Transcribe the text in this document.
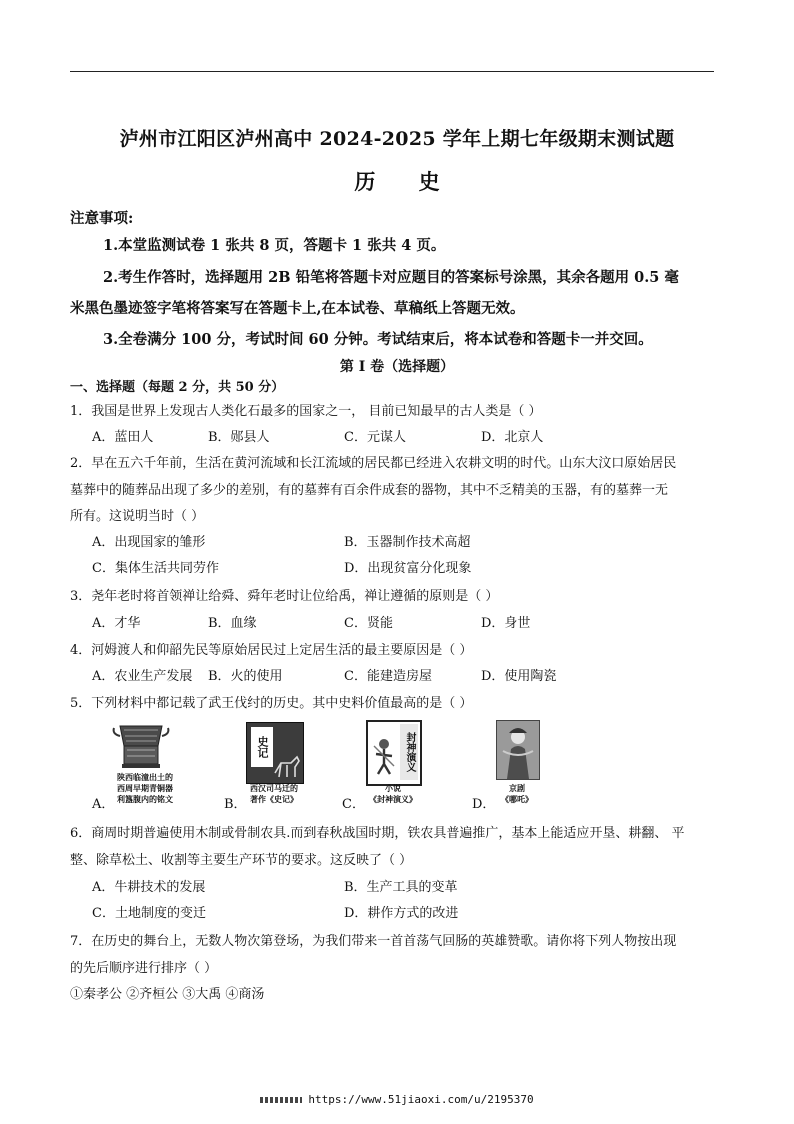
泸州市江阳区泸州高中 2024-2025 学年上期七年级期末测试题
历 史
注意事项:
1.本堂监测试卷 1 张共 8 页，答题卡 1 张共 4 页。
2.考生作答时，选择题用 2B 铅笔将答题卡对应题目的答案标号涂黑，其余各题用 0.5 毫
米黑色墨迹签字笔将答案写在答题卡上,在本试卷、草稿纸上答题无效。
3.全卷满分 100 分，考试时间 60 分钟。考试结束后，将本试卷和答题卡一并交回。
第 I 卷（选择题）
一、选择题（每题 2 分，共 50 分）
1．我国是世界上发现古人类化石最多的国家之一， 目前已知最早的古人类是（ ）
A．蓝田人	B．郧县人	C．元谋人	D．北京人
2．早在五六千年前，生活在黄河流域和长江流域的居民都已经进入农耕文明的时代。山东大汶口原始居民
墓葬中的随葬品出现了多少的差别，有的墓葬有百余件成套的器物，其中不乏精美的玉器，有的墓葬一无
所有。这说明当时（ ）
A．出现国家的雏形	B．玉器制作技术高超
C．集体生活共同劳作	D．出现贫富分化现象
3．尧年老时将首领禅让给舜、舜年老时让位给禹，禅让遵循的原则是（ ）
A．才华	B．血缘	C．贤能	D．身世
4．河姆渡人和仰韶先民等原始居民过上定居生活的最主要原因是（ ）
A．农业生产发展 B．火的使用	C．能建造房屋	D．使用陶瓷
5．下列材料中都记载了武王伐纣的历史。其中史料价值最高的是（ ）
陕西临潼出土的
西周早期青铜器
利簋腹内的铭文
A．
史记
西汉司马迁的
著作《史记》
B．
封神演义
小说
《封神演义》
C．
京剧
《哪吒》
D．
6．商周时期普遍使用木制或骨制农具.而到春秋战国时期，铁农具普遍推广，基本上能适应开垦、耕翻、 平
整、除草松土、收割等主要生产环节的要求。这反映了（ ）
A．牛耕技术的发展	B．生产工具的变革
C．土地制度的变迁	D．耕作方式的改进
7．在历史的舞台上，无数人物次第登场，为我们带来一首首荡气回肠的英雄赞歌。请你将下列人物按出现
的先后顺序进行排序（ ）
①秦孝公 ②齐桓公 ③大禹 ④商汤
https://www.51jiaoxi.com/u/2195370
